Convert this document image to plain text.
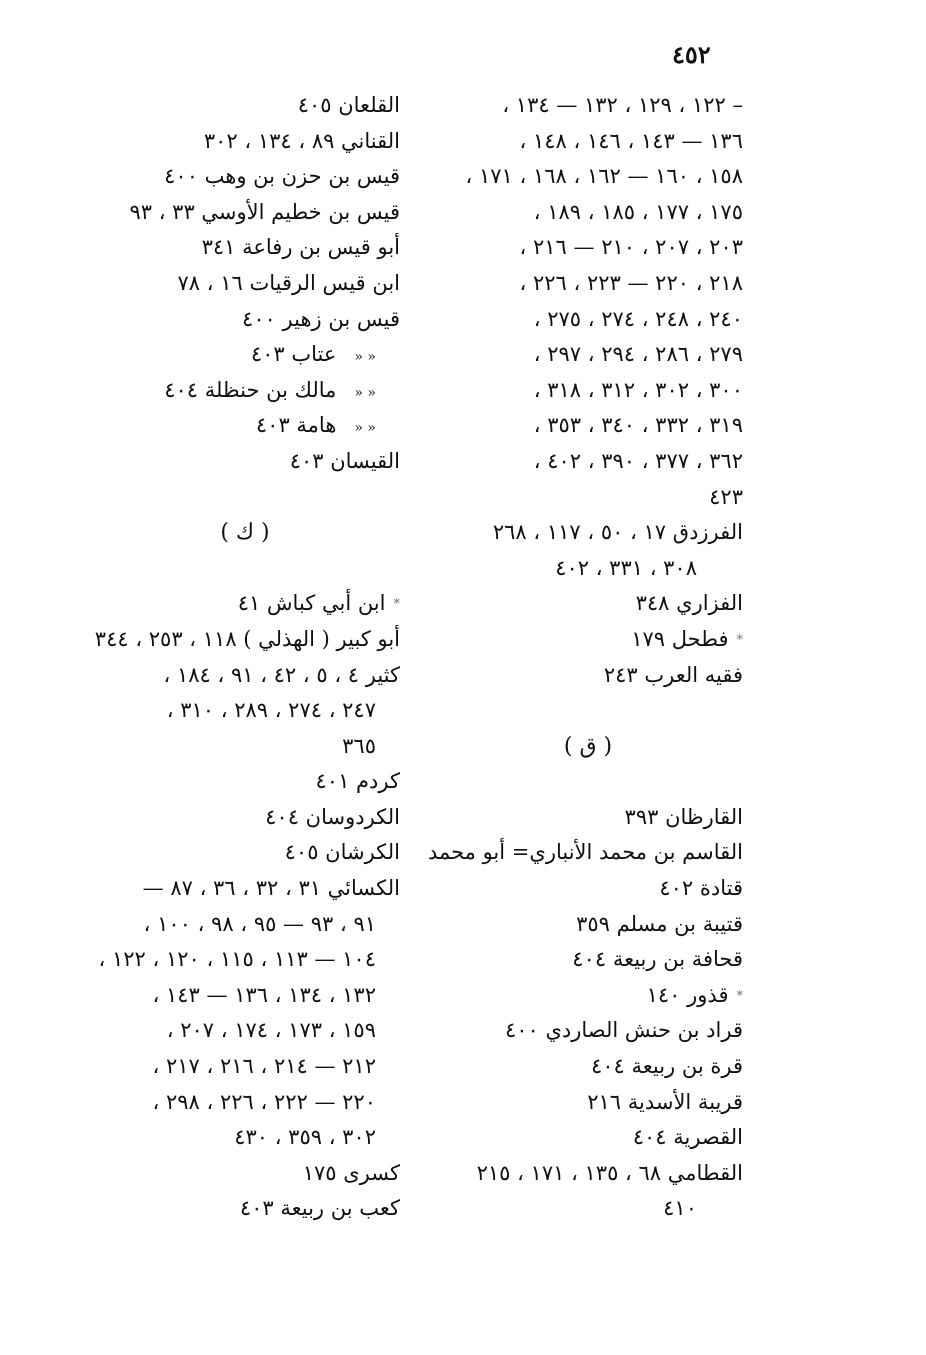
٤٥٢
– ١٢٢ ، ١٢٩ ، ١٣٢ — ١٣٤ ،
١٣٦ — ١٤٣ ، ١٤٦ ، ١٤٨ ،
١٥٨ ، ١٦٠ — ١٦٢ ، ١٦٨ ، ١٧١ ،
١٧٥ ، ١٧٧ ، ١٨٥ ، ١٨٩ ،
٢٠٣ ، ٢٠٧ ، ٢١٠ — ٢١٦ ،
٢١٨ ، ٢٢٠ — ٢٢٣ ، ٢٢٦ ،
٢٤٠ ، ٢٤٨ ، ٢٧٤ ، ٢٧٥ ،
٢٧٩ ، ٢٨٦ ، ٢٩٤ ، ٢٩٧ ،
٣٠٠ ، ٣٠٢ ، ٣١٢ ، ٣١٨ ،
٣١٩ ، ٣٣٢ ، ٣٤٠ ، ٣٥٣ ،
٣٦٢ ، ٣٧٧ ، ٣٩٠ ، ٤٠٢ ،
٤٢٣
الفرزدق ١٧ ، ٥٠ ، ١١٧ ، ٢٦٨
٣٠٨ ، ٣٣١ ، ٤٠٢
الفزاري ٣٤٨
*فطحل ١٧٩
فقيه العرب ٢٤٣
( ق )
القارظان ٣٩٣
القاسم بن محمد الأنباري= أبو محمد
قتادة ٤٠٢
قتيبة بن مسلم ٣٥٩
قحافة بن ربيعة ٤٠٤
*قذور ١٤٠
قراد بن حنش الصاردي ٤٠٠
قرة بن ربيعة ٤٠٤
قريبة الأسدية ٢١٦
القصرية ٤٠٤
القطامي ٦٨ ، ١٣٥ ، ١٧١ ، ٢١٥
٤١٠
القلعان ٤٠٥
القناني ٨٩ ، ١٣٤ ، ٣٠٢
قيس بن حزن بن وهب ٤٠٠
قيس بن خطيم الأوسي ٣٣ ، ٩٣
أبو قيس بن رفاعة ٣٤١
ابن قيس الرقيات ١٦ ، ٧٨
قيس بن زهير ٤٠٠
« «عتاب ٤٠٣
« «مالك بن حنظلة ٤٠٤
« «هامة ٤٠٣
القيسان ٤٠٣
( ك )
*ابن أبي كباش ٤١
أبو كبير ( الهذلي ) ١١٨ ، ٢٥٣ ، ٣٤٤
كثير ٤ ، ٥ ، ٤٢ ، ٩١ ، ١٨٤ ،
٢٤٧ ، ٢٧٤ ، ٢٨٩ ، ٣١٠ ،
٣٦٥
كردم ٤٠١
الكردوسان ٤٠٤
الكرشان ٤٠٥
الكسائي ٣١ ، ٣٢ ، ٣٦ ، ٨٧ —
٩١ ، ٩٣ — ٩٥ ، ٩٨ ، ١٠٠ ،
١٠٤ — ١١٣ ، ١١٥ ، ١٢٠ ، ١٢٢ ،
١٣٢ ، ١٣٤ ، ١٣٦ — ١٤٣ ،
١٥٩ ، ١٧٣ ، ١٧٤ ، ٢٠٧ ،
٢١٢ — ٢١٤ ، ٢١٦ ، ٢١٧ ،
٢٢٠ — ٢٢٢ ، ٢٢٦ ، ٢٩٨ ،
٣٠٢ ، ٣٥٩ ، ٤٣٠
كسرى ١٧٥
كعب بن ربيعة ٤٠٣
